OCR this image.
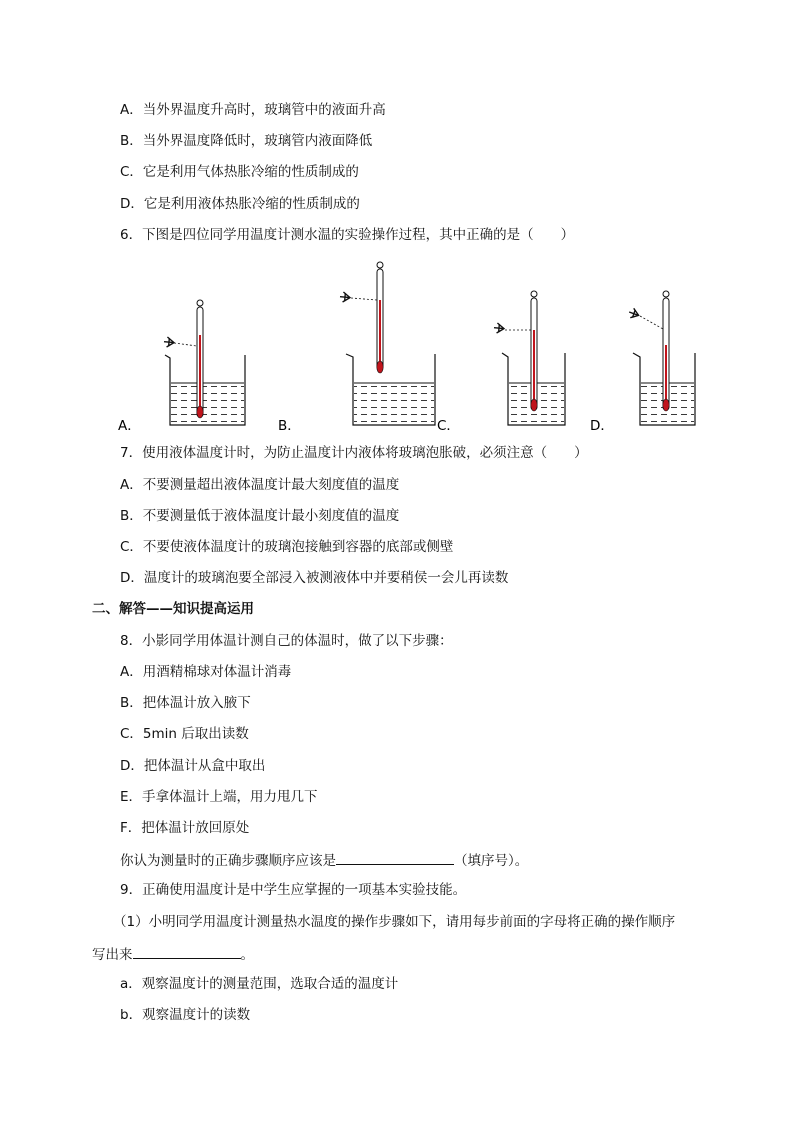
A．当外界温度升高时，玻璃管中的液面升高
B．当外界温度降低时，玻璃管内液面降低
C．它是利用气体热胀冷缩的性质制成的
D．它是利用液体热胀冷缩的性质制成的
6．下图是四位同学用温度计测水温的实验操作过程，其中正确的是（　　）
A．	B．	C．	D．
7．使用液体温度计时，为防止温度计内液体将玻璃泡胀破，必须注意（　　）
A．不要测量超出液体温度计最大刻度值的温度
B．不要测量低于液体温度计最小刻度值的温度
C．不要使液体温度计的玻璃泡接触到容器的底部或侧壁
D．温度计的玻璃泡要全部浸入被测液体中并要稍侯一会儿再读数
二、解答——知识提高运用
8．小影同学用体温计测自己的体温时，做了以下步骤：
A．用酒精棉球对体温计消毒
B．把体温计放入腋下
C．5min 后取出读数
D．把体温计从盒中取出
E．手拿体温计上端，用力甩几下
F．把体温计放回原处
你认为测量时的正确步骤顺序应该是	（填序号）。
9．正确使用温度计是中学生应掌握的一项基本实验技能。
（1）小明同学用温度计测量热水温度的操作步骤如下，请用每步前面的字母将正确的操作顺序
写出来	。
a．观察温度计的测量范围，选取合适的温度计
b．观察温度计的读数
